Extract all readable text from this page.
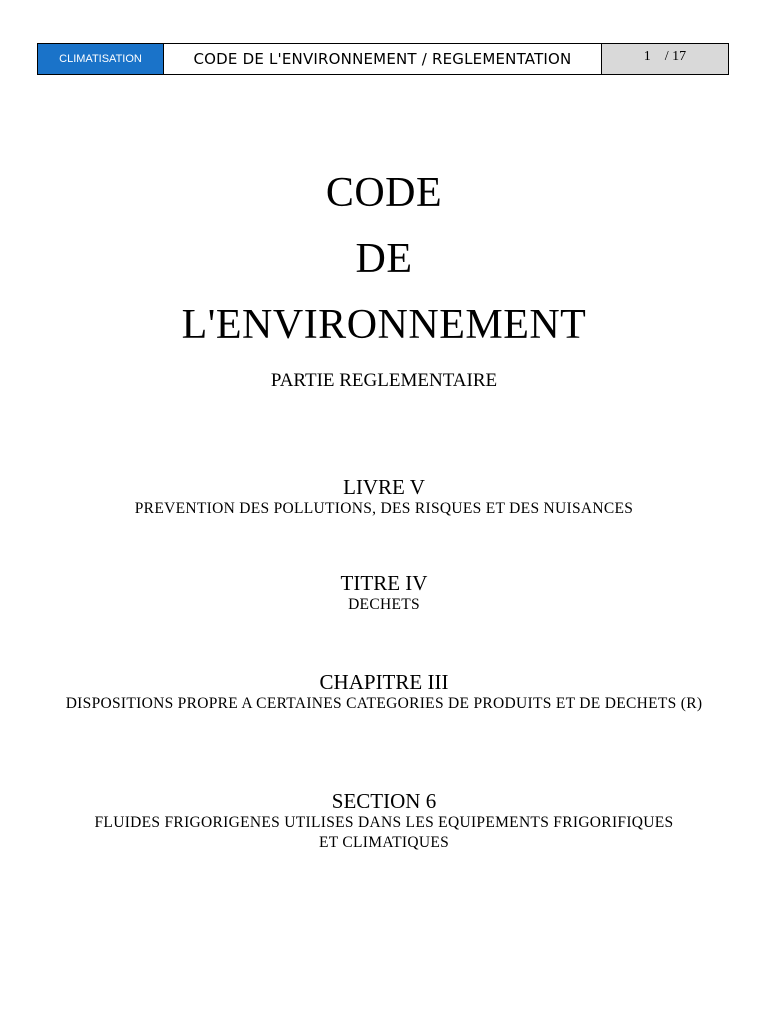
CLIMATISATION	CODE DE L'ENVIRONNEMENT / REGLEMENTATION	1 / 17
CODE
DE
L'ENVIRONNEMENT
PARTIE REGLEMENTAIRE
LIVRE V
PREVENTION DES POLLUTIONS, DES RISQUES ET DES NUISANCES
TITRE IV
DECHETS
CHAPITRE III
DISPOSITIONS PROPRE A CERTAINES CATEGORIES DE PRODUITS ET DE DECHETS (R)
SECTION 6
FLUIDES FRIGORIGENES UTILISES DANS LES EQUIPEMENTS FRIGORIFIQUES ET CLIMATIQUES
